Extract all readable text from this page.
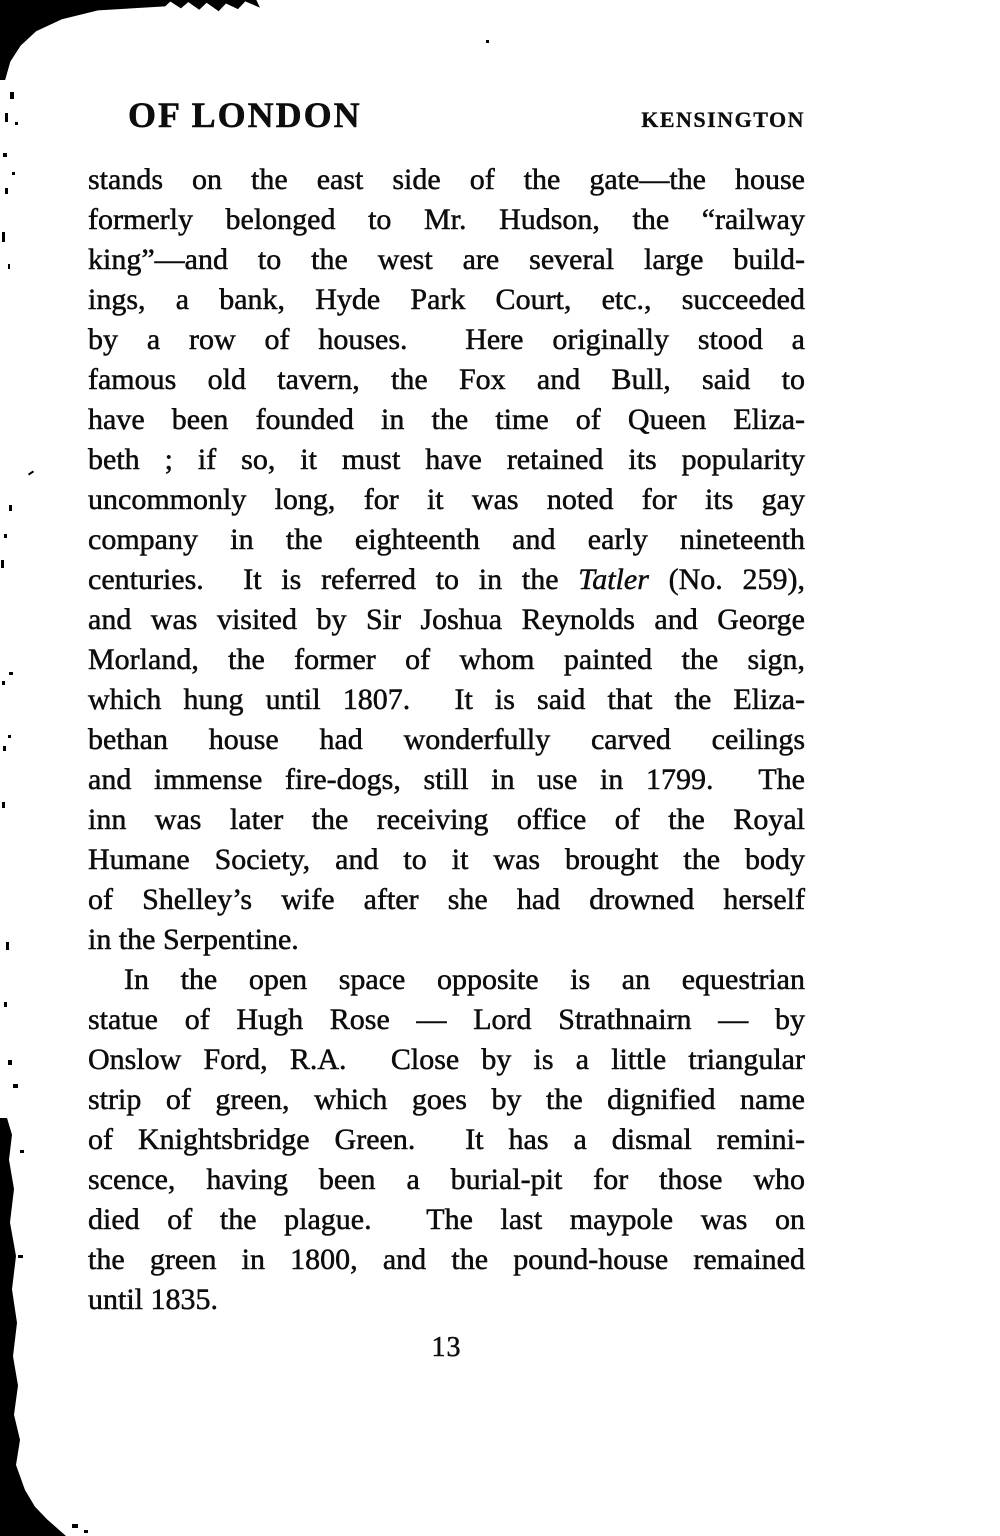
OF LONDON	KENSINGTON
stands on the east side of the gate—the house
formerly belonged to Mr. Hudson, the “railway
king”—and to the west are several large build-
ings, a bank, Hyde Park Court, etc., succeeded
by a row of houses.  Here originally stood a
famous old tavern, the Fox and Bull, said to
have been founded in the time of Queen Eliza-
beth ; if so, it must have retained its popularity
uncommonly long, for it was noted for its gay
company in the eighteenth and early nineteenth
centuries.  It is referred to in the Tatler (No. 259),
and was visited by Sir Joshua Reynolds and George
Morland, the former of whom painted the sign,
which hung until 1807.  It is said that the Eliza-
bethan house had wonderfully carved ceilings
and immense fire-dogs, still in use in 1799.  The
inn was later the receiving office of the Royal
Humane Society, and to it was brought the body
of Shelley’s wife after she had drowned herself
in the Serpentine.
In the open space opposite is an equestrian
statue of Hugh Rose — Lord Strathnairn — by
Onslow Ford, R.A.  Close by is a little triangular
strip of green, which goes by the dignified name
of Knightsbridge Green.  It has a dismal remini-
scence, having been a burial-pit for those who
died of the plague.  The last maypole was on
the green in 1800, and the pound-house remained
until 1835.
13
